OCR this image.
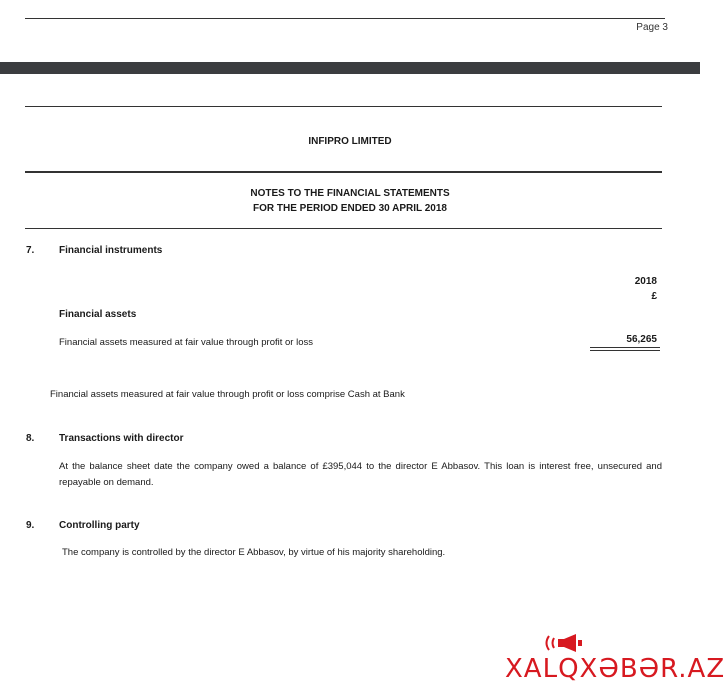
Page 3
INFIPRO LIMITED
NOTES TO THE FINANCIAL STATEMENTS
FOR THE PERIOD ENDED 30 APRIL 2018
7. Financial instruments
2018
£
Financial assets
Financial assets measured at fair value through profit or loss	56,265
Financial assets measured at fair value through profit or loss comprise Cash at Bank
8. Transactions with director
At the balance sheet date the company owed a balance of £395,044 to the director E Abbasov. This loan is interest free, unsecured and repayable on demand.
9. Controlling party
The company is controlled by the director E Abbasov, by virtue of his majority shareholding.
XALQXƏBƏR.AZ
